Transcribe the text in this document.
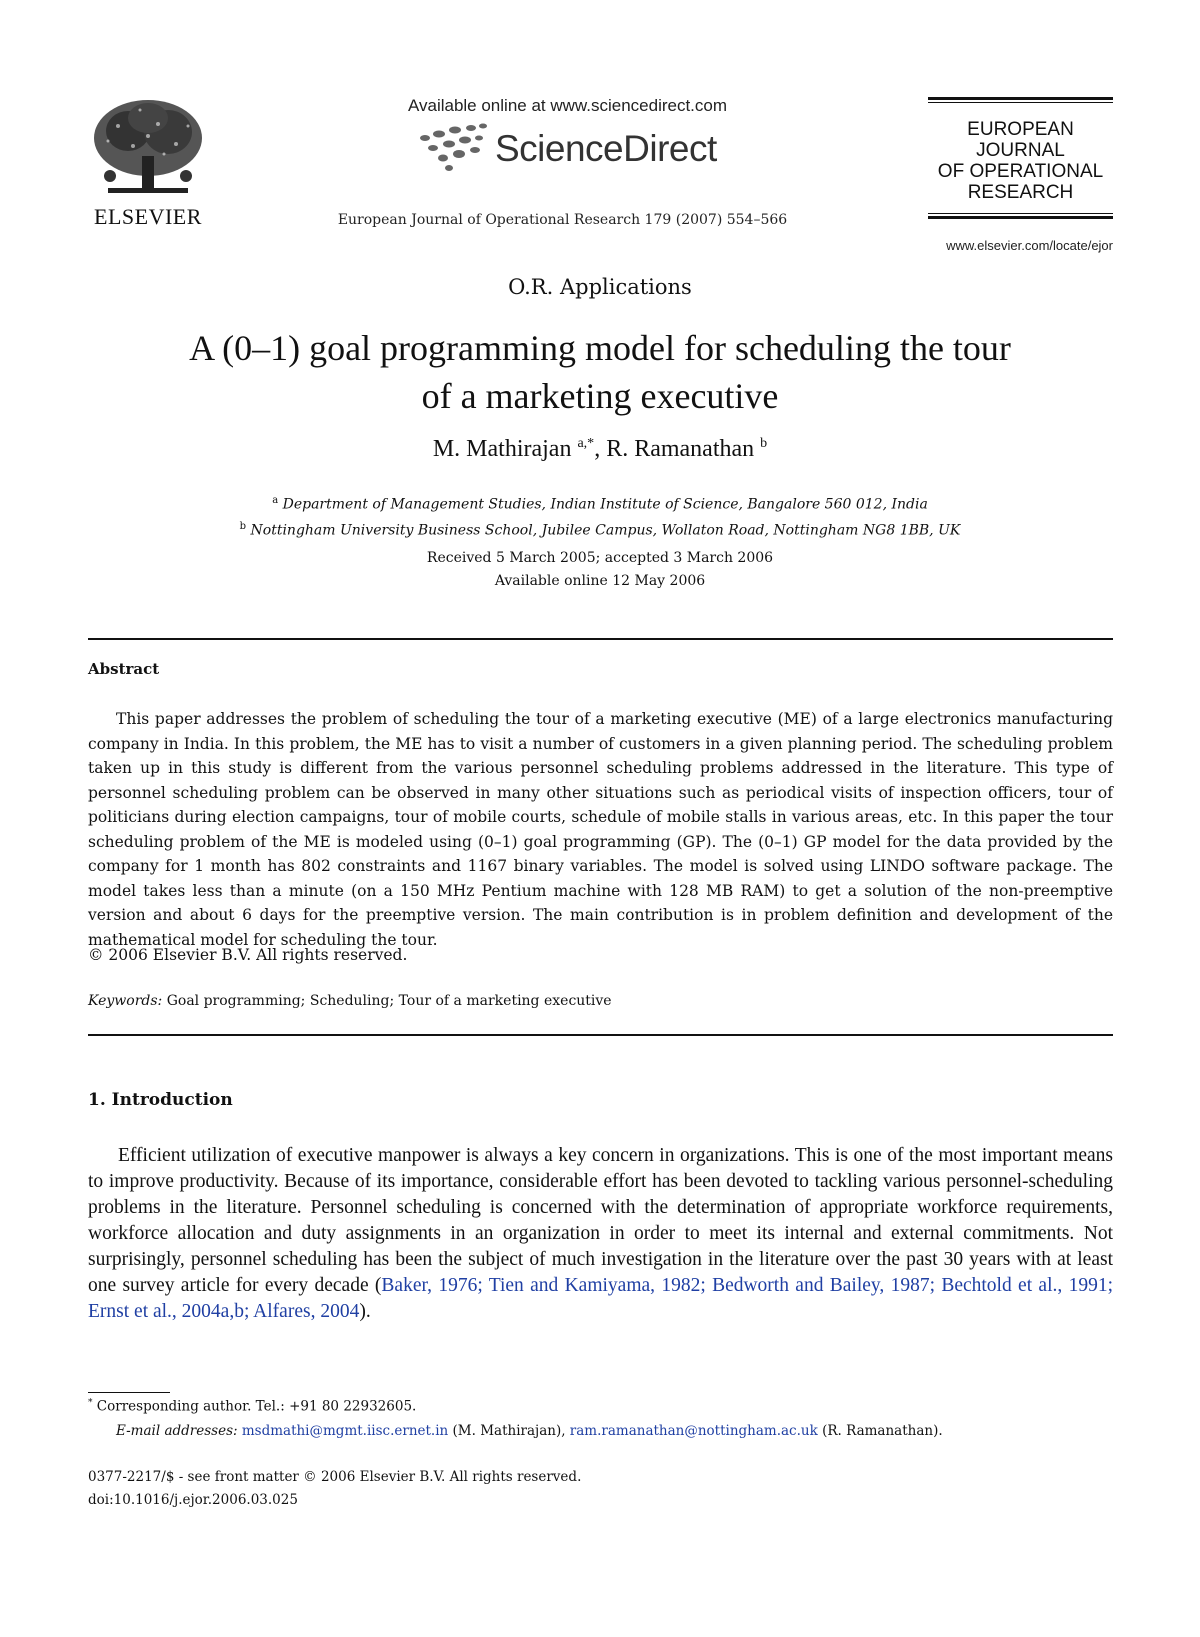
ELSEVIER
Available online at www.sciencedirect.com
ScienceDirect
European Journal of Operational Research 179 (2007) 554–566
EUROPEAN
JOURNAL
OF OPERATIONAL
RESEARCH
www.elsevier.com/locate/ejor
O.R. Applications
A (0–1) goal programming model for scheduling the tour
of a marketing executive
M. Mathirajan $^{a,*}$, R. Ramanathan $^b$
$^a$ Department of Management Studies, Indian Institute of Science, Bangalore 560 012, India
$^b$ Nottingham University Business School, Jubilee Campus, Wollaton Road, Nottingham NG8 1BB, UK
Received 5 March 2005; accepted 3 March 2006
Available online 12 May 2006
Abstract
This paper addresses the problem of scheduling the tour of a marketing executive (ME) of a large electronics manufacturing company in India. In this problem, the ME has to visit a number of customers in a given planning period. The scheduling problem taken up in this study is different from the various personnel scheduling problems addressed in the literature. This type of personnel scheduling problem can be observed in many other situations such as periodical visits of inspection officers, tour of politicians during election campaigns, tour of mobile courts, schedule of mobile stalls in various areas, etc. In this paper the tour scheduling problem of the ME is modeled using (0–1) goal programming (GP). The (0–1) GP model for the data provided by the company for 1 month has 802 constraints and 1167 binary variables. The model is solved using LINDO software package. The model takes less than a minute (on a 150 MHz Pentium machine with 128 MB RAM) to get a solution of the non-preemptive version and about 6 days for the preemptive version. The main contribution is in problem definition and development of the mathematical model for scheduling the tour.
© 2006 Elsevier B.V. All rights reserved.
Keywords: Goal programming; Scheduling; Tour of a marketing executive
1. Introduction
Efficient utilization of executive manpower is always a key concern in organizations. This is one of the most important means to improve productivity. Because of its importance, considerable effort has been devoted to tackling various personnel-scheduling problems in the literature. Personnel scheduling is concerned with the determination of appropriate workforce requirements, workforce allocation and duty assignments in an organization in order to meet its internal and external commitments. Not surprisingly, personnel scheduling has been the subject of much investigation in the literature over the past 30 years with at least one survey article for every decade (Baker, 1976; Tien and Kamiyama, 1982; Bedworth and Bailey, 1987; Bechtold et al., 1991; Ernst et al., 2004a,b; Alfares, 2004).
* Corresponding author. Tel.: +91 80 22932605.
E-mail addresses: msdmathi@mgmt.iisc.ernet.in (M. Mathirajan), ram.ramanathan@nottingham.ac.uk (R. Ramanathan).
0377-2217/$ - see front matter © 2006 Elsevier B.V. All rights reserved.
doi:10.1016/j.ejor.2006.03.025
